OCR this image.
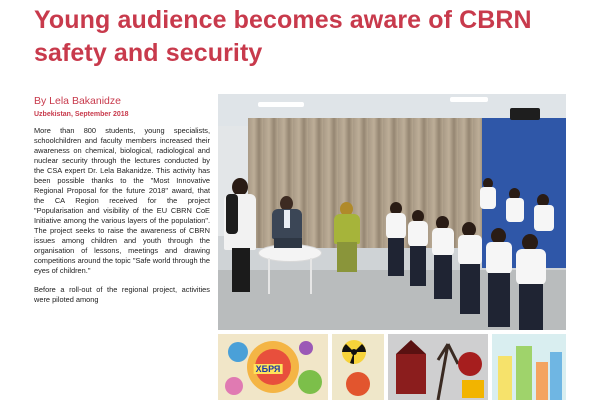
Young audience becomes aware of CBRN safety and security
By Lela Bakanidze
Uzbekistan, September 2018

More than 800 students, young specialists, schoolchildren and faculty members increased their awareness on chemical, biological, radiological and nuclear security through the lectures conducted by the CSA expert Dr. Lela Bakanidze. This activity has been possible thanks to the "Most Innovative Regional Proposal for the future 2018" award, that the CA Region received for the project "Popularisation and visibility of the EU CBRN CoE Initiative among the various layers of the population". The project seeks to raise the awareness of CBRN issues among children and youth through the organisation of lessons, meetings and drawing competitions around the topic "Safe world through the eyes of children."

Before a roll-out of the regional project, activities were piloted among

ХБРЯ
